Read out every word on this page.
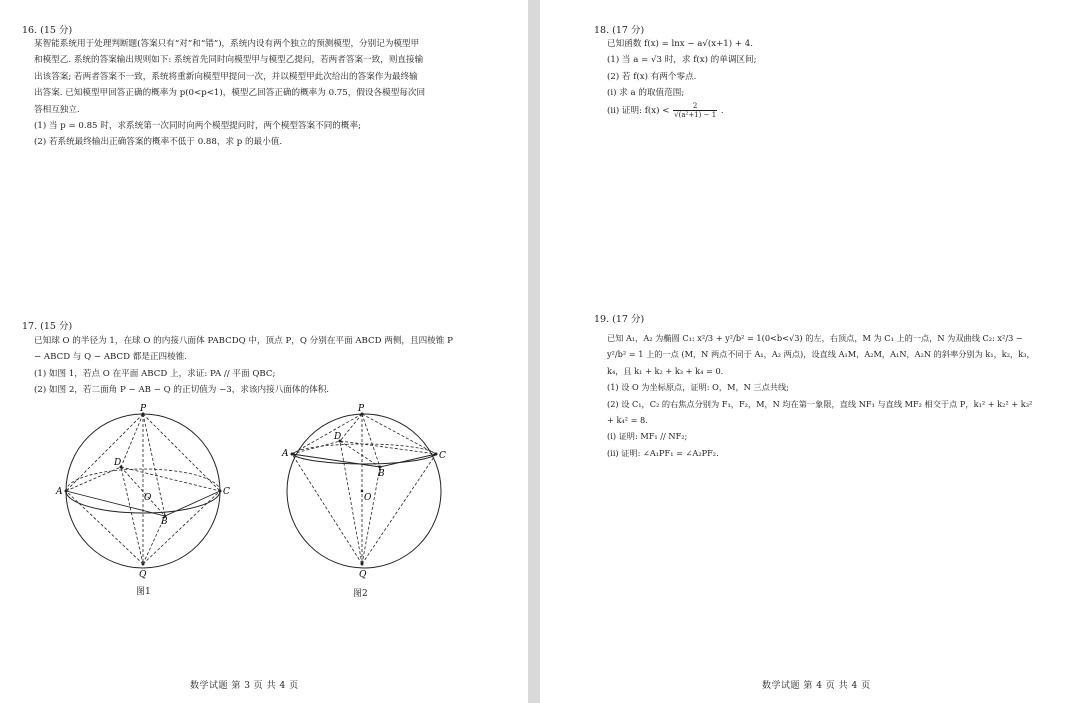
16. (15 分)
某智能系统用于处理判断题(答案只有“对”和“错”)，系统内设有两个独立的预测模型，分别记为模型甲
和模型乙. 系统的答案输出规则如下: 系统首先同时向模型甲与模型乙提问，若两者答案一致，则直接输
出该答案; 若两者答案不一致，系统将重新向模型甲提问一次，并以模型甲此次给出的答案作为最终输
出答案. 已知模型甲回答正确的概率为 p(0<p<1)，模型乙回答正确的概率为 0.75，假设各模型每次回
答相互独立.
(1) 当 p = 0.85 时，求系统第一次同时向两个模型提问时，两个模型答案不同的概率;
(2) 若系统最终输出正确答案的概率不低于 0.88，求 p 的最小值.
17. (15 分)
已知球 O 的半径为 1，在球 O 的内接八面体 PABCDQ 中，顶点 P，Q 分别在平面 ABCD 两侧，且四棱锥 P
− ABCD 与 Q − ABCD 都是正四棱锥.
(1) 如图 1，若点 O 在平面 ABCD 上，求证: PA // 平面 QBC;
(2) 如图 2，若二面角 P − AB − Q 的正切值为 −3，求该内接八面体的体积.
P
A	C
D
B
O
Q
图1
P
A	C
D
B
O
Q
图2
数学试题 第 3 页 共 4 页
18. (17 分)
已知函数 f(x) = lnx − a√(x+1) + 4.
(1) 当 a = √3 时，求 f(x) 的单调区间;
(2) 若 f(x) 有两个零点.
(i) 求 a 的取值范围;
(ii) 证明: $f(x) < \frac{2}{\text{√(a²+1) − 1}}$ .
19. (17 分)
已知 A₁，A₂ 为椭圆 C₁: x²/3 + y²/b² = 1(0<b<√3) 的左，右顶点，M 为 C₁ 上的一点，N 为双曲线 C₂: x²/3 −
y²/b² = 1 上的一点 (M，N 两点不同于 A₁，A₂ 两点)，设直线 A₁M，A₂M，A₁N，A₂N 的斜率分别为 k₁，k₂，k₃，
k₄，且 k₁ + k₂ + k₃ + k₄ = 0.
(1) 设 O 为坐标原点，证明: O，M，N 三点共线;
(2) 设 C₁，C₂ 的右焦点分别为 F₁，F₂，M，N 均在第一象限，直线 NF₁ 与直线 MF₂ 相交于点 P，k₁² + k₂² + k₃²
+ k₄² = 8.
(i) 证明: MF₁ // NF₂;
(ii) 证明: ∠A₁PF₁ = ∠A₂PF₂.
数学试题 第 4 页 共 4 页
